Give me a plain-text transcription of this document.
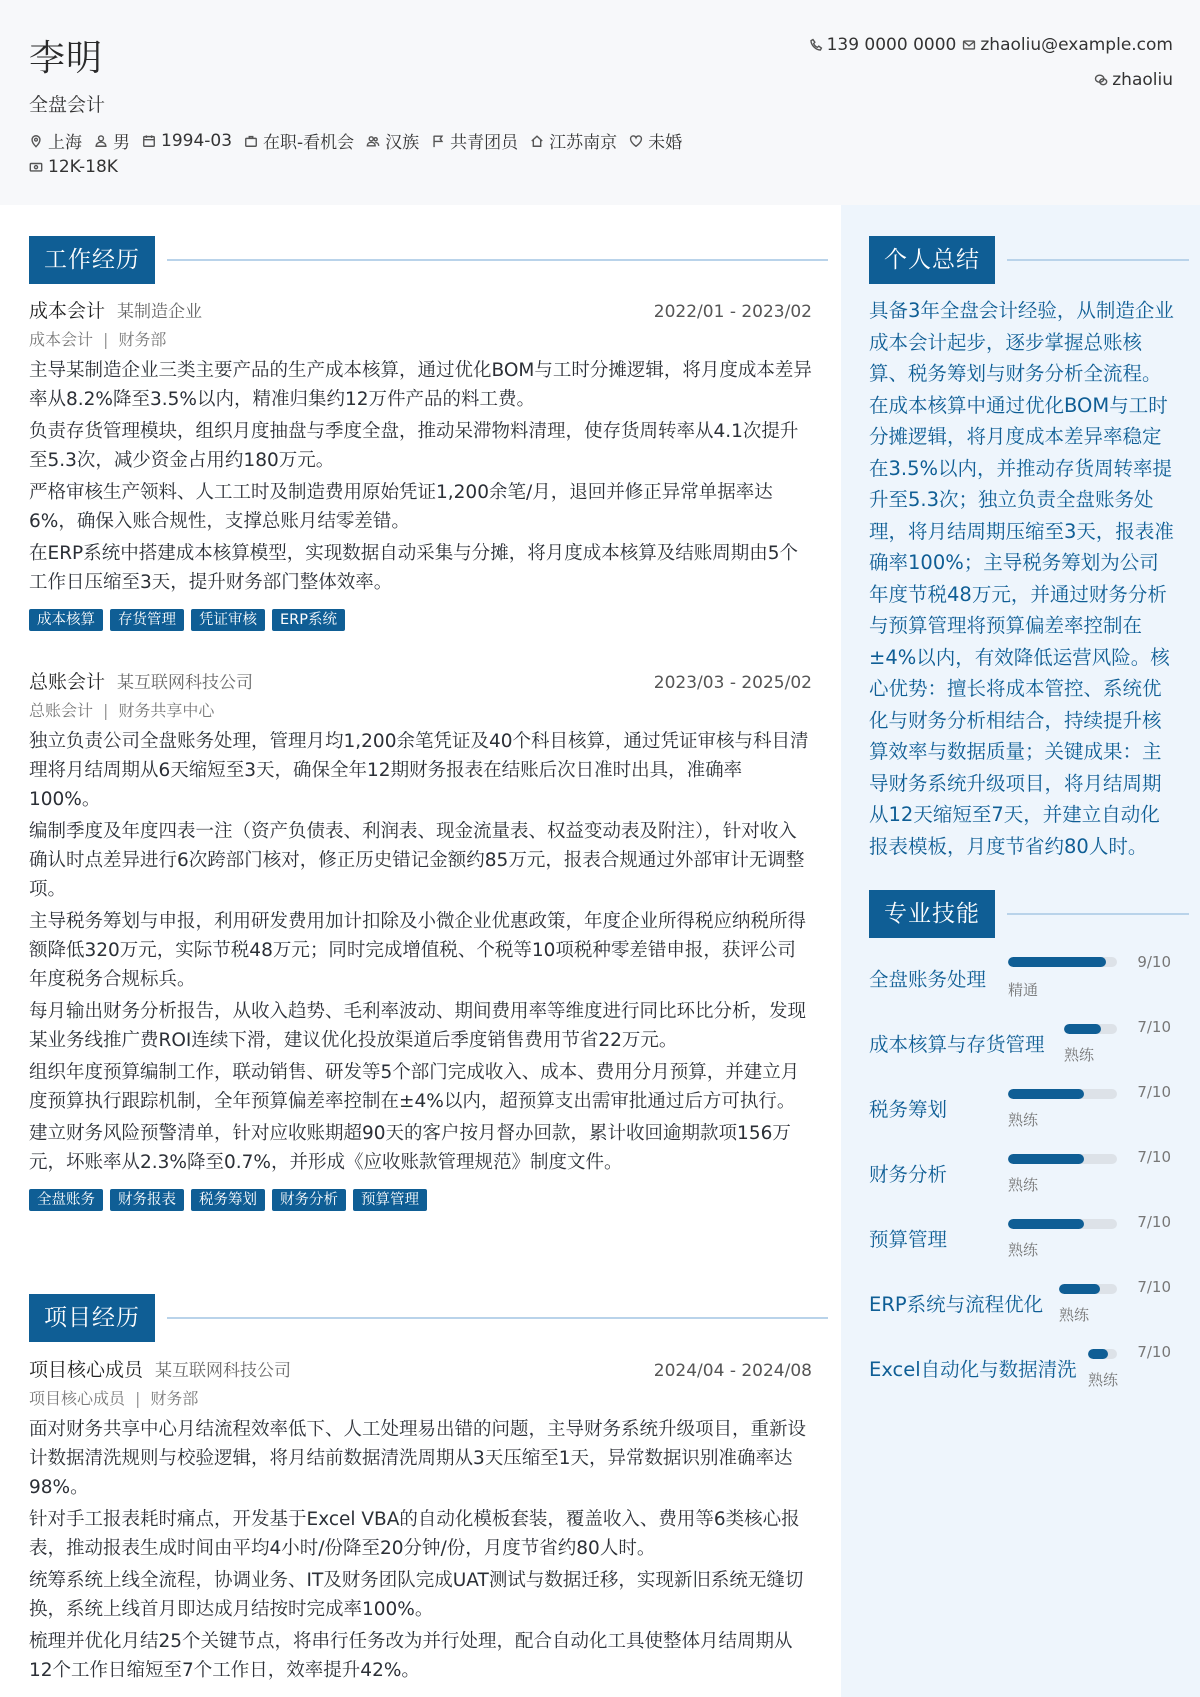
李明
全盘会计
上海 男 1994-03 在职-看机会 汉族 共青团员 江苏南京 未婚
12K-18K
139 0000 0000 zhaoliu@example.com
zhaoliu
工作经历
成本会计 某制造企业	2022/01 - 2023/02
成本会计 | 财务部

主导某制造企业三类主要产品的生产成本核算，通过优化BOM与工时分摊逻辑，将月度成本差异率从8.2%降至3.5%以内，精准归集约12万件产品的料工费。

负责存货管理模块，组织月度抽盘与季度全盘，推动呆滞物料清理，使存货周转率从4.1次提升至5.3次，减少资金占用约180万元。

严格审核生产领料、人工工时及制造费用原始凭证1,200余笔/月，退回并修正异常单据率达6%，确保入账合规性，支撑总账月结零差错。

在ERP系统中搭建成本核算模型，实现数据自动采集与分摊，将月度成本核算及结账周期由5个工作日压缩至3天，提升财务部门整体效率。

成本核算	存货管理	凭证审核	ERP系统
总账会计 某互联网科技公司	2023/03 - 2025/02
总账会计 | 财务共享中心

独立负责公司全盘账务处理，管理月均1,200余笔凭证及40个科目核算，通过凭证审核与科目清理将月结周期从6天缩短至3天，确保全年12期财务报表在结账后次日准时出具，准确率100%。

编制季度及年度四表一注（资产负债表、利润表、现金流量表、权益变动表及附注），针对收入确认时点差异进行6次跨部门核对，修正历史错记金额约85万元，报表合规通过外部审计无调整项。

主导税务筹划与申报，利用研发费用加计扣除及小微企业优惠政策，年度企业所得税应纳税所得额降低320万元，实际节税48万元；同时完成增值税、个税等10项税种零差错申报，获评公司年度税务合规标兵。

每月输出财务分析报告，从收入趋势、毛利率波动、期间费用率等维度进行同比环比分析，发现某业务线推广费ROI连续下滑，建议优化投放渠道后季度销售费用节省22万元。

组织年度预算编制工作，联动销售、研发等5个部门完成收入、成本、费用分月预算，并建立月度预算执行跟踪机制，全年预算偏差率控制在±4%以内，超预算支出需审批通过后方可执行。

建立财务风险预警清单，针对应收账期超90天的客户按月督办回款，累计收回逾期款项156万元，坏账率从2.3%降至0.7%，并形成《应收账款管理规范》制度文件。

全盘账务	财务报表	税务筹划	财务分析	预算管理
项目经历
项目核心成员 某互联网科技公司	2024/04 - 2024/08
项目核心成员 | 财务部

面对财务共享中心月结流程效率低下、人工处理易出错的问题，主导财务系统升级项目，重新设计数据清洗规则与校验逻辑，将月结前数据清洗周期从3天压缩至1天，异常数据识别准确率达98%。

针对手工报表耗时痛点，开发基于Excel VBA的自动化模板套装，覆盖收入、费用等6类核心报表，推动报表生成时间由平均4小时/份降至20分钟/份，月度节省约80人时。

统筹系统上线全流程，协调业务、IT及财务团队完成UAT测试与数据迁移，实现新旧系统无缝切换，系统上线首月即达成月结按时完成率100%。

梳理并优化月结25个关键节点，将串行任务改为并行处理，配合自动化工具使整体月结周期从12个工作日缩短至7个工作日，效率提升42%。

个人总结
具备3年全盘会计经验，从制造企业成本会计起步，逐步掌握总账核算、税务筹划与财务分析全流程。在成本核算中通过优化BOM与工时分摊逻辑，将月度成本差异率稳定在3.5%以内，并推动存货周转率提升至5.3次；独立负责全盘账务处理，将月结周期压缩至3天，报表准确率100%；主导税务筹划为公司年度节税48万元，并通过财务分析与预算管理将预算偏差率控制在±4%以内，有效降低运营风险。核心优势：擅长将成本管控、系统优化与财务分析相结合，持续提升核算效率与数据质量；关键成果：主导财务系统升级项目，将月结周期从12天缩短至7天，并建立自动化报表模板，月度节省约80人时。
专业技能
全盘账务处理
9/10
精通
成本核算与存货管理
7/10
熟练
税务筹划
7/10
熟练
财务分析
7/10
熟练
预算管理
7/10
熟练
ERP系统与流程优化
7/10
熟练
Excel自动化与数据清洗
7/10
熟练
